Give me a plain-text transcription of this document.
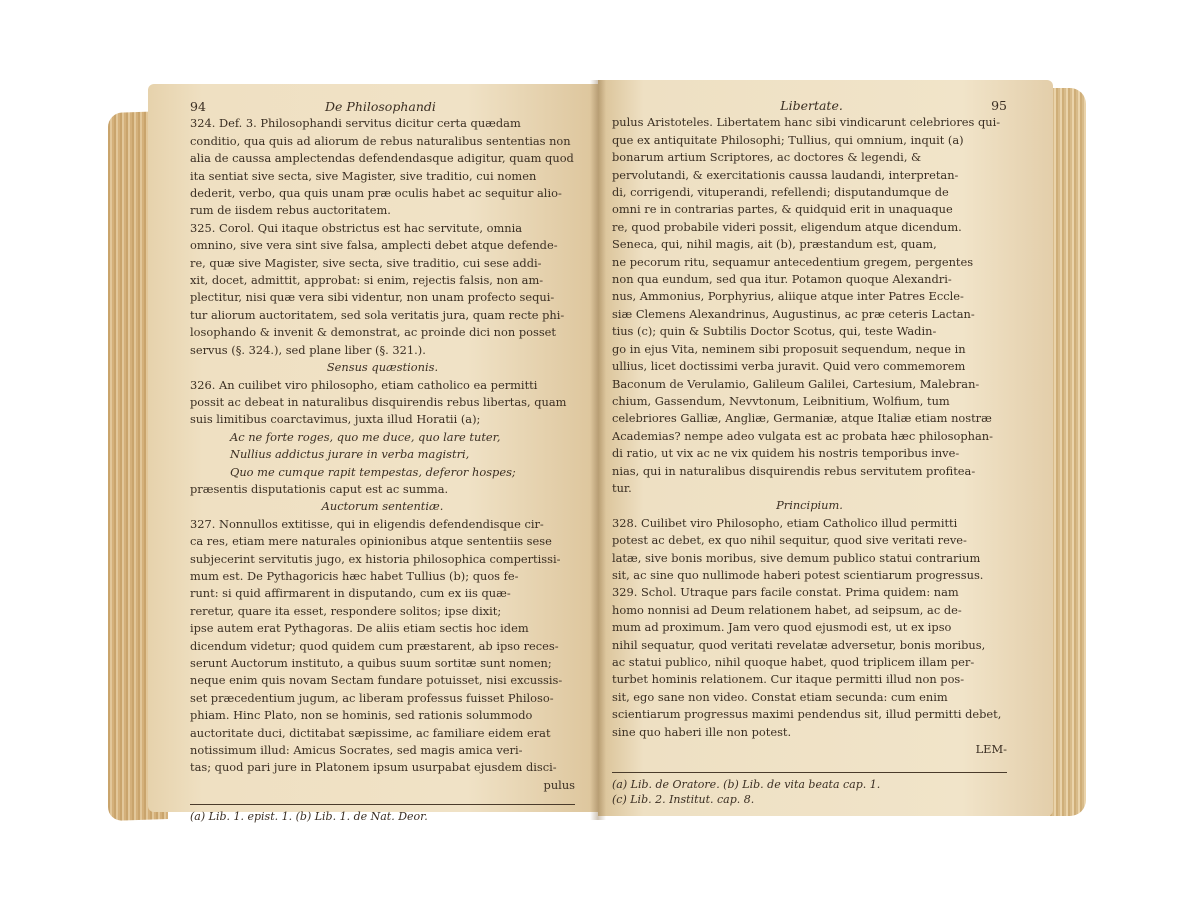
94	De Philosophandi

324. Def. 3. Philosophandi servitus dicitur certa quædam

conditio, qua quis ad aliorum de rebus naturalibus sententias non

alia de caussa amplectendas defendendasque adigitur, quam quod

ita sentiat sive secta, sive Magister, sive traditio, cui nomen

dederit, verbo, qua quis unam præ oculis habet ac sequitur alio-

rum de iisdem rebus auctoritatem.

325. Corol. Qui itaque obstrictus est hac servitute, omnia

omnino, sive vera sint sive falsa, amplecti debet atque defende-

re, quæ sive Magister, sive secta, sive traditio, cui sese addi-

xit, docet, admittit, approbat: si enim, rejectis falsis, non am-

plectitur, nisi quæ vera sibi videntur, non unam profecto sequi-

tur aliorum auctoritatem, sed sola veritatis jura, quam recte phi-

losophando & invenit & demonstrat, ac proinde dici non posset

servus (§. 324.), sed plane liber (§. 321.).

Sensus quæstionis.

326. An cuilibet viro philosopho, etiam catholico ea permitti

possit ac debeat in naturalibus disquirendis rebus libertas, quam

suis limitibus coarctavimus, juxta illud Horatii (a);

Ac ne forte roges, quo me duce, quo lare tuter,

Nullius addictus jurare in verba magistri,

Quo me cumque rapit tempestas, deferor hospes;

præsentis disputationis caput est ac summa.

Auctorum sententiæ.

327. Nonnullos extitisse, qui in eligendis defendendisque cir-

ca res, etiam mere naturales opinionibus atque sententiis sese

subjecerint servitutis jugo, ex historia philosophica compertissi-

mum est. De Pythagoricis hæc habet Tullius (b); quos fe-

runt: si quid affirmarent in disputando, cum ex iis quæ-

reretur, quare ita esset, respondere solitos; ipse dixit;

ipse autem erat Pythagoras. De aliis etiam sectis hoc idem

dicendum videtur; quod quidem cum præstarent, ab ipso reces-

serunt Auctorum instituto, a quibus suum sortitæ sunt nomen;

neque enim quis novam Sectam fundare potuisset, nisi excussis-

set præcedentium jugum, ac liberam professus fuisset Philoso-

phiam. Hinc Plato, non se hominis, sed rationis solummodo

auctoritate duci, dictitabat sæpissime, ac familiare eidem erat

notissimum illud: Amicus Socrates, sed magis amica veri-

tas; quod pari jure in Platonem ipsum usurpabat ejusdem disci-

pulus

(a) Lib. 1. epist. 1. (b) Lib. 1. de Nat. Deor.

Libertate.	95

pulus Aristoteles. Libertatem hanc sibi vindicarunt celebriores qui-

que ex antiquitate Philosophi; Tullius, qui omnium, inquit (a)

bonarum artium Scriptores, ac doctores & legendi, &

pervolutandi, & exercitationis caussa laudandi, interpretan-

di, corrigendi, vituperandi, refellendi; disputandumque de

omni re in contrarias partes, & quidquid erit in unaquaque

re, quod probabile videri possit, eligendum atque dicendum.

Seneca, qui, nihil magis, ait (b), præstandum est, quam,

ne pecorum ritu, sequamur antecedentium gregem, pergentes

non qua eundum, sed qua itur. Potamon quoque Alexandri-

nus, Ammonius, Porphyrius, aliique atque inter Patres Eccle-

siæ Clemens Alexandrinus, Augustinus, ac præ ceteris Lactan-

tius (c); quin & Subtilis Doctor Scotus, qui, teste Wadin-

go in ejus Vita, neminem sibi proposuit sequendum, neque in

ullius, licet doctissimi verba juravit. Quid vero commemorem

Baconum de Verulamio, Galileum Galilei, Cartesium, Malebran-

chium, Gassendum, Nevvtonum, Leibnitium, Wolfium, tum

celebriores Galliæ, Angliæ, Germaniæ, atque Italiæ etiam nostræ

Academias? nempe adeo vulgata est ac probata hæc philosophan-

di ratio, ut vix ac ne vix quidem his nostris temporibus inve-

nias, qui in naturalibus disquirendis rebus servitutem profitea-

tur.

Principium.

328. Cuilibet viro Philosopho, etiam Catholico illud permitti

potest ac debet, ex quo nihil sequitur, quod sive veritati reve-

latæ, sive bonis moribus, sive demum publico statui contrarium

sit, ac sine quo nullimode haberi potest scientiarum progressus.

329. Schol. Utraque pars facile constat. Prima quidem: nam

homo nonnisi ad Deum relationem habet, ad seipsum, ac de-

mum ad proximum. Jam vero quod ejusmodi est, ut ex ipso

nihil sequatur, quod veritati revelatæ adversetur, bonis moribus,

ac statui publico, nihil quoque habet, quod triplicem illam per-

turbet hominis relationem. Cur itaque permitti illud non pos-

sit, ego sane non video. Constat etiam secunda: cum enim

scientiarum progressus maximi pendendus sit, illud permitti debet,

sine quo haberi ille non potest.

LEM-

(a) Lib. de Oratore. (b) Lib. de vita beata cap. 1.

(c) Lib. 2. Institut. cap. 8.
